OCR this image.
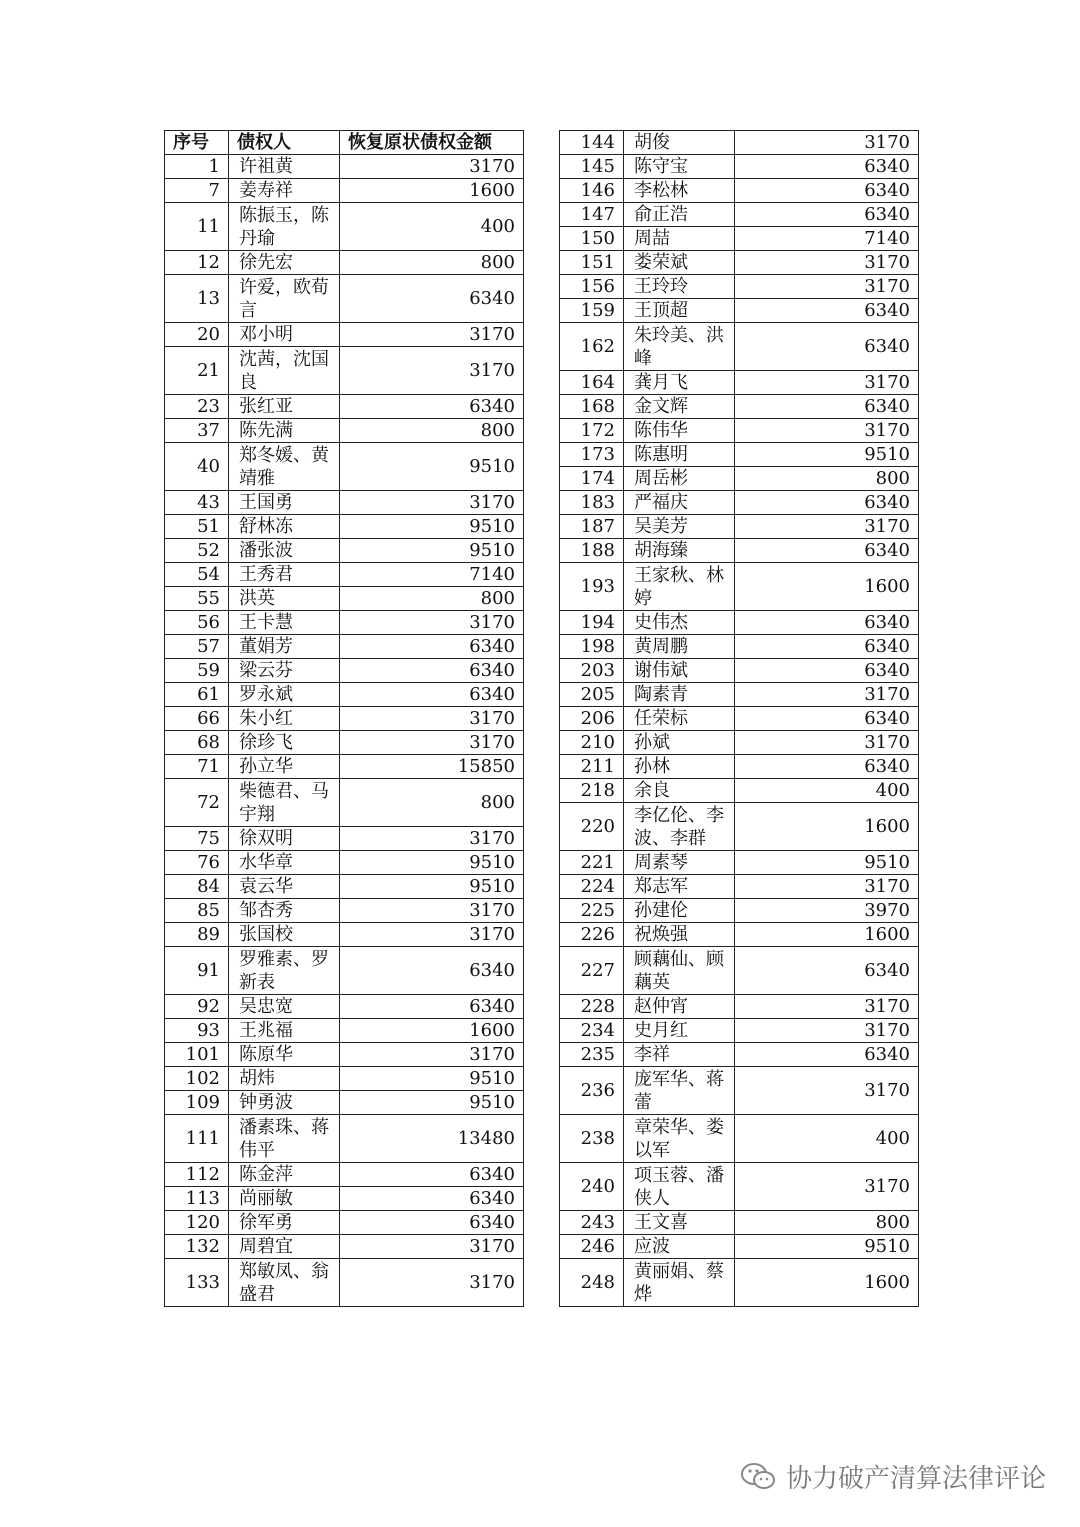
序号	债权人	恢复原状债权金额
1	许祖黄	3170
7	姜寿祥	1600
11	陈振玉，陈丹瑜	400
12	徐先宏	800
13	许爱，欧荀言	6340
20	邓小明	3170
21	沈茜，沈国良	3170
23	张红亚	6340
37	陈先满	800
40	郑冬媛、黄靖雅	9510
43	王国勇	3170
51	舒林冻	9510
52	潘张波	9510
54	王秀君	7140
55	洪英	800
56	王卡慧	3170
57	董娟芳	6340
59	梁云芬	6340
61	罗永斌	6340
66	朱小红	3170
68	徐珍飞	3170
71	孙立华	15850
72	柴德君、马宇翔	800
75	徐双明	3170
76	水华章	9510
84	袁云华	9510
85	邹杏秀	3170
89	张国校	3170
91	罗雅素、罗新表	6340
92	吴忠宽	6340
93	王兆福	1600
101	陈原华	3170
102	胡炜	9510
109	钟勇波	9510
111	潘素珠、蒋伟平	13480
112	陈金萍	6340
113	尚丽敏	6340
120	徐军勇	6340
132	周碧宜	3170
133	郑敏凤、翁盛君	3170
144	胡俊	3170
145	陈守宝	6340
146	李松林	6340
147	俞正浩	6340
150	周喆	7140
151	娄荣斌	3170
156	王玲玲	3170
159	王顶超	6340
162	朱玲美、洪峰	6340
164	龚月飞	3170
168	金文辉	6340
172	陈伟华	3170
173	陈惠明	9510
174	周岳彬	800
183	严福庆	6340
187	吴美芳	3170
188	胡海臻	6340
193	王家秋、林婷	1600
194	史伟杰	6340
198	黄周鹏	6340
203	谢伟斌	6340
205	陶素青	3170
206	任荣标	6340
210	孙斌	3170
211	孙林	6340
218	余良	400
220	李亿伦、李波、李群	1600
221	周素琴	9510
224	郑志军	3170
225	孙建伦	3970
226	祝焕强	1600
227	顾藕仙、顾藕英	6340
228	赵仲宵	3170
234	史月红	3170
235	李祥	6340
236	庞军华、蒋蕾	3170
238	章荣华、娄以军	400
240	项玉蓉、潘侠人	3170
243	王文喜	800
246	应波	9510
248	黄丽娟、蔡烨	1600
协力破产清算法律评论
